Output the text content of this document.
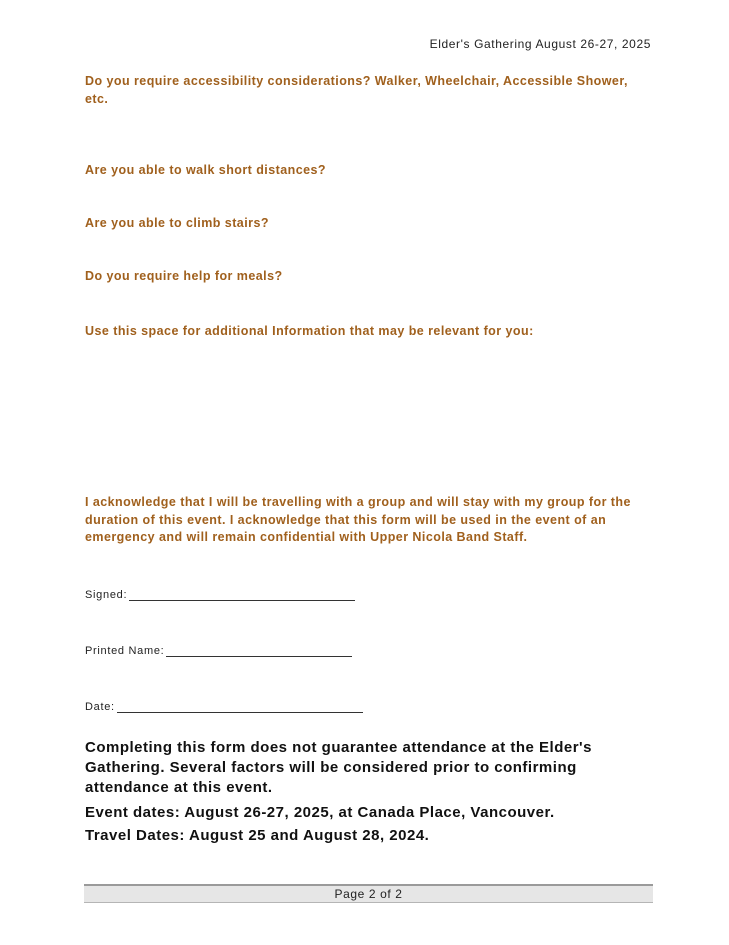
Elder's Gathering August 26-27, 2025
Do you require accessibility considerations? Walker, Wheelchair, Accessible Shower, etc.
Are you able to walk short distances?
Are you able to climb stairs?
Do you require help for meals?
Use this space for additional Information that may be relevant for you:
I acknowledge that I will be travelling with a group and will stay with my group for the duration of this event. I acknowledge that this form will be used in the event of an emergency and will remain confidential with Upper Nicola Band Staff.
Signed:
Printed Name:
Date:
Completing this form does not guarantee attendance at the Elder's Gathering. Several factors will be considered prior to confirming attendance at this event.
Event dates: August 26-27, 2025, at Canada Place, Vancouver.
Travel Dates: August 25 and August 28, 2024.
Page 2 of 2
